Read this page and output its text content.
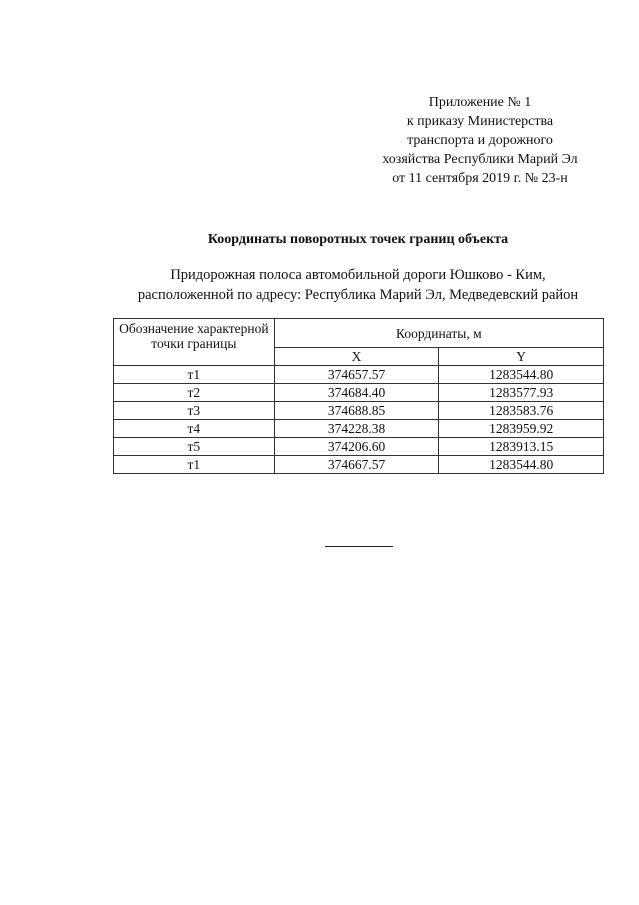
Приложение № 1
к приказу Министерства
транспорта и дорожного
хозяйства Республики Марий Эл
от 11 сентября 2019 г. № 23-н
Координаты поворотных точек границ объекта
Придорожная полоса автомобильной дороги Юшково - Ким,
расположенной по адресу: Республика Марий Эл, Медведевский район
Обозначение характерной точки границы	Координаты, м	
	X	Y
т1	374657.57	1283544.80
т2	374684.40	1283577.93
т3	374688.85	1283583.76
т4	374228.38	1283959.92
т5	374206.60	1283913.15
т1	374667.57	1283544.80
